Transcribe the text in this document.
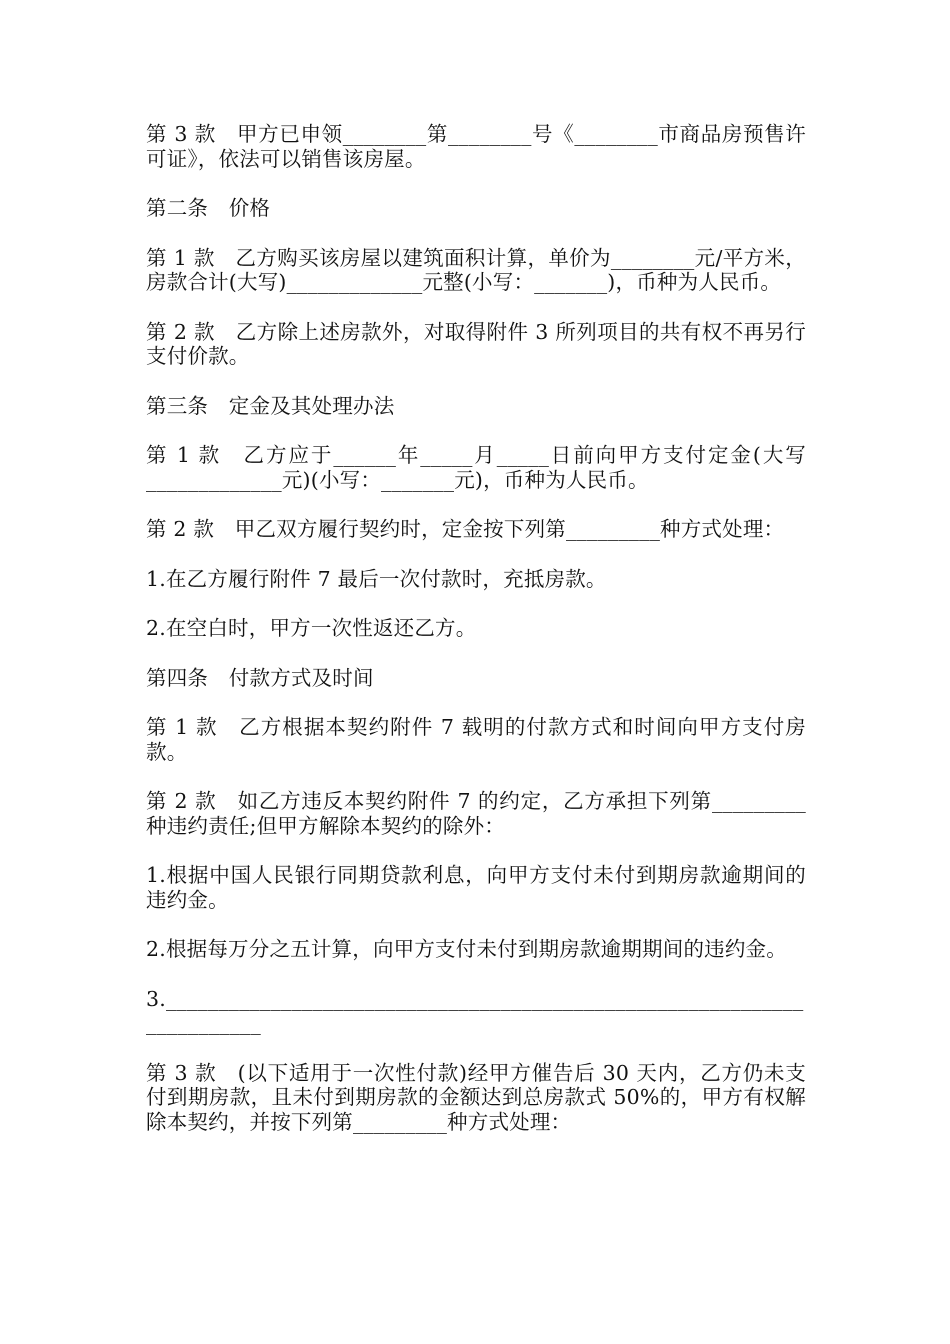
第 3 款　甲方已申领________第________号《________市商品房预售许可证》，依法可以销售该房屋。

第二条　价格

第 1 款　乙方购买该房屋以建筑面积计算，单价为________元/平方米，房款合计(大写)_____________元整(小写：_______)，币种为人民币。

第 2 款　乙方除上述房款外，对取得附件 3 所列项目的共有权不再另行支付价款。

第三条　定金及其处理办法

第 1 款　乙方应于______年_____月_____日前向甲方支付定金(大写_____________元)(小写：_______元)，币种为人民币。

第 2 款　甲乙双方履行契约时，定金按下列第_________种方式处理：

1.在乙方履行附件 7 最后一次付款时，充抵房款。

2.在空白时，甲方一次性返还乙方。

第四条　付款方式及时间

第 1 款　乙方根据本契约附件 7 载明的付款方式和时间向甲方支付房款。

第 2 款　如乙方违反本契约附件 7 的约定，乙方承担下列第_________种违约责任;但甲方解除本契约的除外：

1.根据中国人民银行同期贷款利息，向甲方支付未付到期房款逾期间的违约金。

2.根据每万分之五计算，向甲方支付未付到期房款逾期期间的违约金。

3.________________________________________________________________________

第 3 款　(以下适用于一次性付款)经甲方催告后 30 天内，乙方仍未支付到期房款，且未付到期房款的金额达到总房款式 50%的，甲方有权解除本契约，并按下列第_________种方式处理：
